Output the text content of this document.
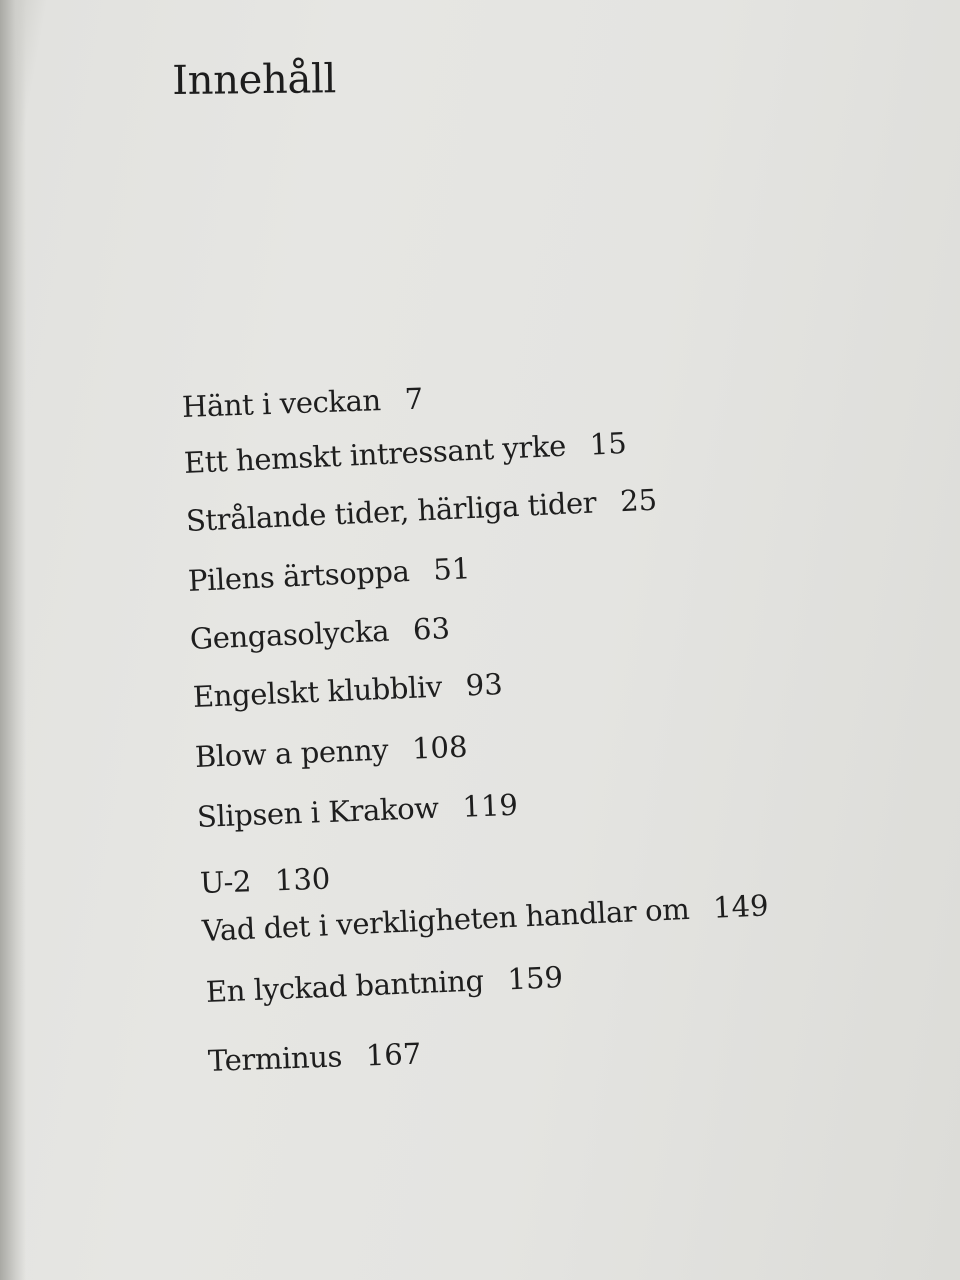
Innehåll
Hänt i veckan 7
Ett hemskt intressant yrke 15
Strålande tider, härliga tider 25
Pilens ärtsoppa 51
Gengasolycka 63
Engelskt klubbliv 93
Blow a penny 108
Slipsen i Krakow 119
U-2 130
Vad det i verkligheten handlar om 149
En lyckad bantning 159
Terminus 167
